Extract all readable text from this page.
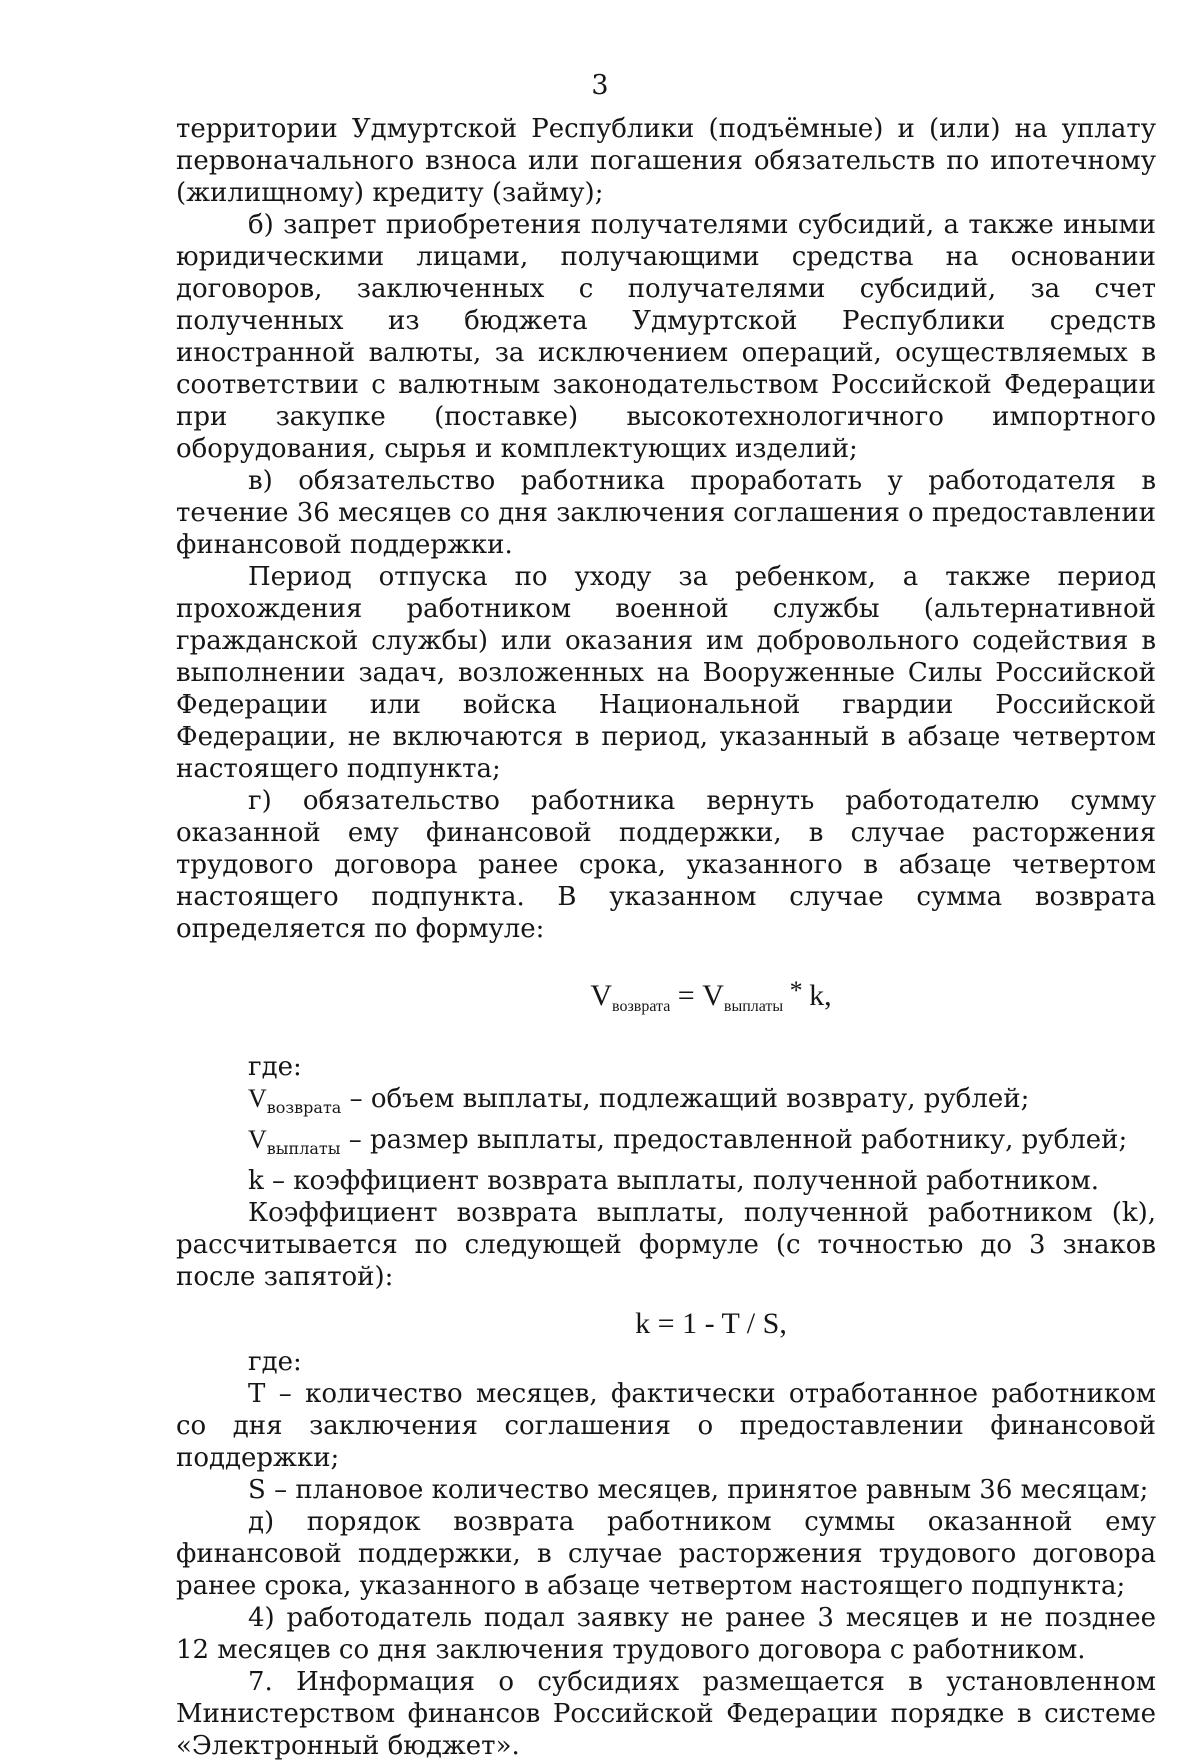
3

территории Удмуртской Республики (подъёмные) и (или) на уплату первоначального взноса или погашения обязательств по ипотечному (жилищному) кредиту (займу);

б) запрет приобретения получателями субсидий, а также иными юридическими лицами, получающими средства на основании договоров, заключенных с получателями субсидий, за счет полученных из бюджета Удмуртской Республики средств иностранной валюты, за исключением операций, осуществляемых в соответствии с валютным законодательством Российской Федерации при закупке (поставке) высокотехнологичного импортного оборудования, сырья и комплектующих изделий;

в) обязательство работника проработать у работодателя в течение 36 месяцев со дня заключения соглашения о предоставлении финансовой поддержки.

Период отпуска по уходу за ребенком, а также период прохождения работником военной службы (альтернативной гражданской службы) или оказания им добровольного содействия в выполнении задач, возложенных на Вооруженные Силы Российской Федерации или войска Национальной гвардии Российской Федерации, не включаются в период, указанный в абзаце четвертом настоящего подпункта;

г) обязательство работника вернуть работодателю сумму оказанной ему финансовой поддержки, в случае расторжения трудового договора ранее срока, указанного в абзаце четвертом настоящего подпункта. В указанном случае сумма возврата определяется по формуле:

$V_{возврата} = V_{выплаты} * k$,

где:

$V_{возврата}$ – объем выплаты, подлежащий возврату, рублей;

$V_{выплаты}$ – размер выплаты, предоставленной работнику, рублей;

k – коэффициент возврата выплаты, полученной работником.

Коэффициент возврата выплаты, полученной работником (k), рассчитывается по следующей формуле (с точностью до 3 знаков после запятой):

k = 1 - T / S,

где:

T – количество месяцев, фактически отработанное работником со дня заключения соглашения о предоставлении финансовой поддержки;

S – плановое количество месяцев, принятое равным 36 месяцам;

д) порядок возврата работником суммы оказанной ему финансовой поддержки, в случае расторжения трудового договора ранее срока, указанного в абзаце четвертом настоящего подпункта;

4) работодатель подал заявку не ранее 3 месяцев и не позднее 12 месяцев со дня заключения трудового договора с работником.

7. Информация о субсидиях размещается в установленном Министерством финансов Российской Федерации порядке в системе «Электронный бюджет».
